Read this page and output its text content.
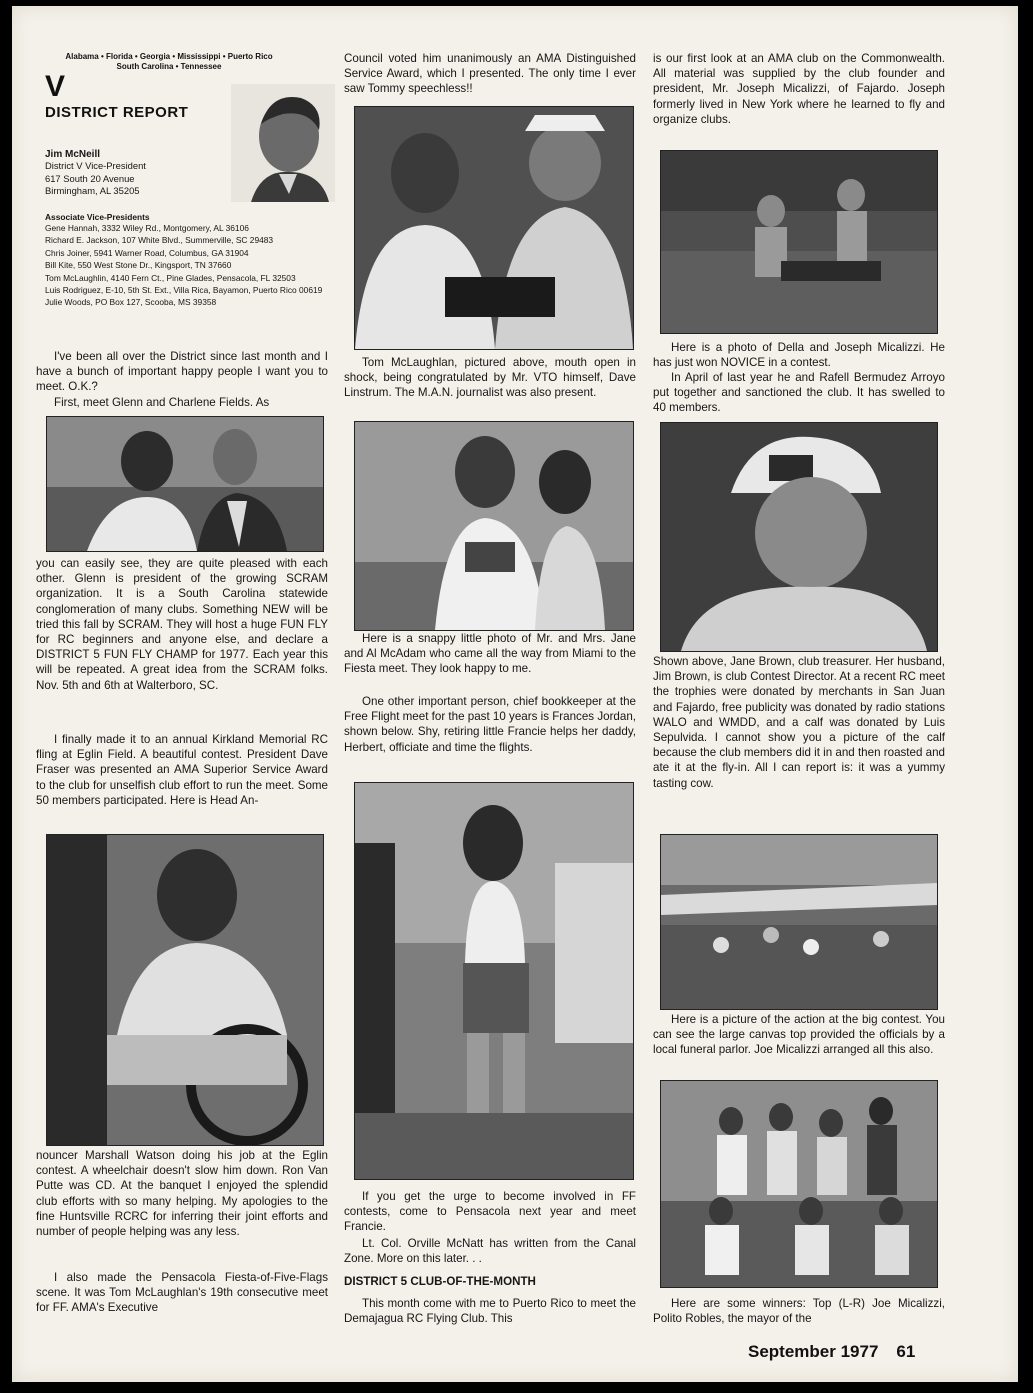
Alabama • Florida • Georgia • Mississippi • Puerto Rico
South Carolina • Tennessee
V
DISTRICT REPORT
Jim McNeill
District V Vice-President
617 South 20 Avenue
Birmingham, AL 35205
Associate Vice-Presidents
Gene Hannah, 3332 Wiley Rd., Montgomery, AL 36106
Richard E. Jackson, 107 White Blvd., Summerville, SC 29483
Chris Joiner, 5941 Warner Road, Columbus, GA 31904
Bill Kite, 550 West Stone Dr., Kingsport, TN 37660
Tom McLaughlin, 4140 Fern Ct., Pine Glades, Pensacola, FL 32503
Luis Rodriguez, E-10, 5th St. Ext., Villa Rica, Bayamon, Puerto Rico 00619
Julie Woods, PO Box 127, Scooba, MS 39358

I've been all over the District since last month and I have a bunch of important happy people I want you to meet. O.K.?

First, meet Glenn and Charlene Fields. As

you can easily see, they are quite pleased with each other. Glenn is president of the growing SCRAM organization. It is a South Carolina statewide conglomeration of many clubs. Something NEW will be tried this fall by SCRAM. They will host a huge FUN FLY for RC beginners and anyone else, and declare a DISTRICT 5 FUN FLY CHAMP for 1977. Each year this will be repeated. A great idea from the SCRAM folks. Nov. 5th and 6th at Walterboro, SC.

I finally made it to an annual Kirkland Memorial RC fling at Eglin Field. A beautiful contest. President Dave Fraser was presented an AMA Superior Service Award to the club for unselfish club effort to run the meet. Some 50 members participated. Here is Head An-

nouncer Marshall Watson doing his job at the Eglin contest. A wheelchair doesn't slow him down. Ron Van Putte was CD. At the banquet I enjoyed the splendid club efforts with so many helping. My apologies to the fine Huntsville RCRC for inferring their joint efforts and number of people helping was any less.

I also made the Pensacola Fiesta-of-Five-Flags scene. It was Tom McLaughlan's 19th consecutive meet for FF. AMA's Executive

Council voted him unanimously an AMA Distinguished Service Award, which I presented. The only time I ever saw Tommy speechless!!

Tom McLaughlan, pictured above, mouth open in shock, being congratulated by Mr. VTO himself, Dave Linstrum. The M.A.N. journalist was also present.

Here is a snappy little photo of Mr. and Mrs. Jane and Al McAdam who came all the way from Miami to the Fiesta meet. They look happy to me.

One other important person, chief bookkeeper at the Free Flight meet for the past 10 years is Frances Jordan, shown below. Shy, retiring little Francie helps her daddy, Herbert, officiate and time the flights.

If you get the urge to become involved in FF contests, come to Pensacola next year and meet Francie.

Lt. Col. Orville McNatt has written from the Canal Zone. More on this later. . .

DISTRICT 5 CLUB-OF-THE-MONTH

This month come with me to Puerto Rico to meet the Demajagua RC Flying Club. This

is our first look at an AMA club on the Commonwealth. All material was supplied by the club founder and president, Mr. Joseph Micalizzi, of Fajardo. Joseph formerly lived in New York where he learned to fly and organize clubs.

Here is a photo of Della and Joseph Micalizzi. He has just won NOVICE in a contest.

In April of last year he and Rafell Bermudez Arroyo put together and sanctioned the club. It has swelled to 40 members.

Shown above, Jane Brown, club treasurer. Her husband, Jim Brown, is club Contest Director. At a recent RC meet the trophies were donated by merchants in San Juan and Fajardo, free publicity was donated by radio stations WALO and WMDD, and a calf was donated by Luis Sepulvida. I cannot show you a picture of the calf because the club members did it in and then roasted and ate it at the fly-in. All I can report is: it was a yummy tasting cow.

Here is a picture of the action at the big contest. You can see the large canvas top provided the officials by a local funeral parlor. Joe Micalizzi arranged all this also.

Here are some winners: Top (L-R) Joe Micalizzi, Polito Robles, the mayor of the

September 1977 61
